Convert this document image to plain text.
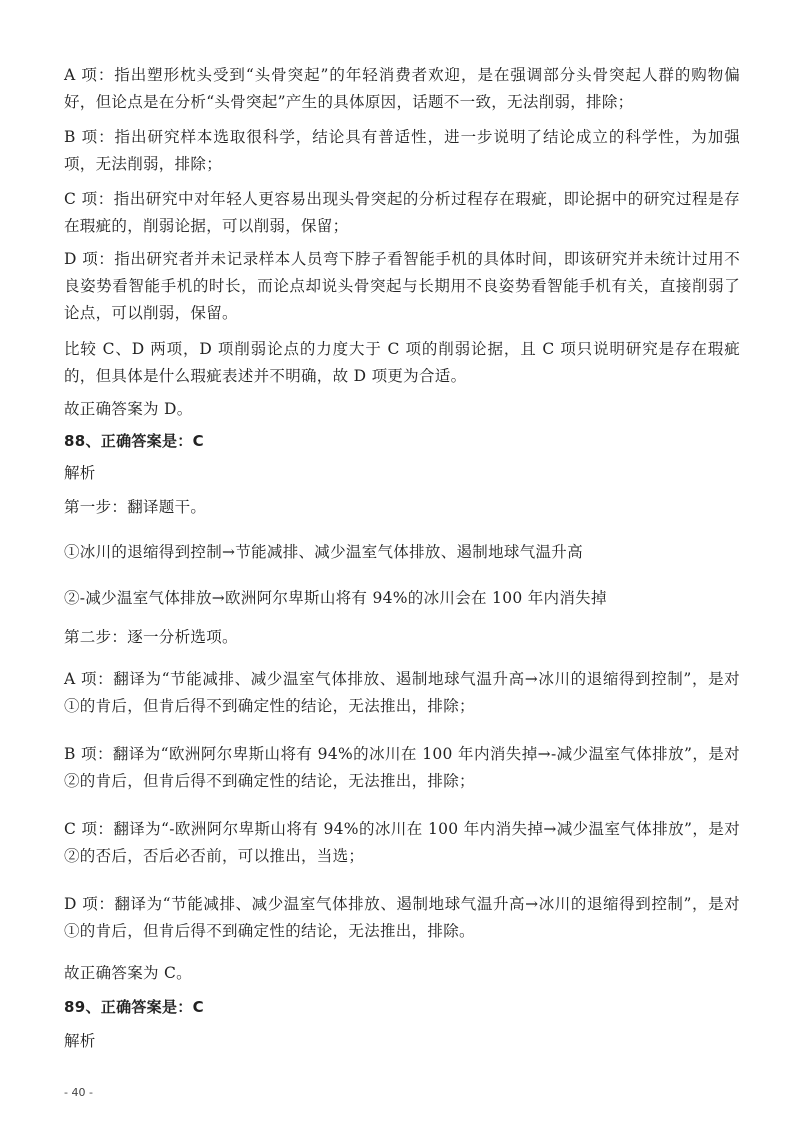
A 项：指出塑形枕头受到“头骨突起”的年轻消费者欢迎，是在强调部分头骨突起人群的购物偏好，但论点是在分析“头骨突起”产生的具体原因，话题不一致，无法削弱，排除；

B 项：指出研究样本选取很科学，结论具有普适性，进一步说明了结论成立的科学性，为加强项，无法削弱，排除；

C 项：指出研究中对年轻人更容易出现头骨突起的分析过程存在瑕疵，即论据中的研究过程是存在瑕疵的，削弱论据，可以削弱，保留；

D 项：指出研究者并未记录样本人员弯下脖子看智能手机的具体时间，即该研究并未统计过用不良姿势看智能手机的时长，而论点却说头骨突起与长期用不良姿势看智能手机有关，直接削弱了论点，可以削弱，保留。

比较 C、D 两项，D 项削弱论点的力度大于 C 项的削弱论据，且 C 项只说明研究是存在瑕疵的，但具体是什么瑕疵表述并不明确，故 D 项更为合适。

故正确答案为 D。

88、正确答案是：C

解析

第一步：翻译题干。

①冰川的退缩得到控制→节能减排、减少温室气体排放、遏制地球气温升高

②-减少温室气体排放→欧洲阿尔卑斯山将有 94%的冰川会在 100 年内消失掉

第二步：逐一分析选项。

A 项：翻译为“节能减排、减少温室气体排放、遏制地球气温升高→冰川的退缩得到控制”，是对①的肯后，但肯后得不到确定性的结论，无法推出，排除；

B 项：翻译为“欧洲阿尔卑斯山将有 94%的冰川在 100 年内消失掉→-减少温室气体排放”，是对②的肯后，但肯后得不到确定性的结论，无法推出，排除；

C 项：翻译为“-欧洲阿尔卑斯山将有 94%的冰川在 100 年内消失掉→减少温室气体排放”，是对②的否后，否后必否前，可以推出，当选；

D 项：翻译为“节能减排、减少温室气体排放、遏制地球气温升高→冰川的退缩得到控制”，是对①的肯后，但肯后得不到确定性的结论，无法推出，排除。

故正确答案为 C。

89、正确答案是：C

解析

- 40 -
